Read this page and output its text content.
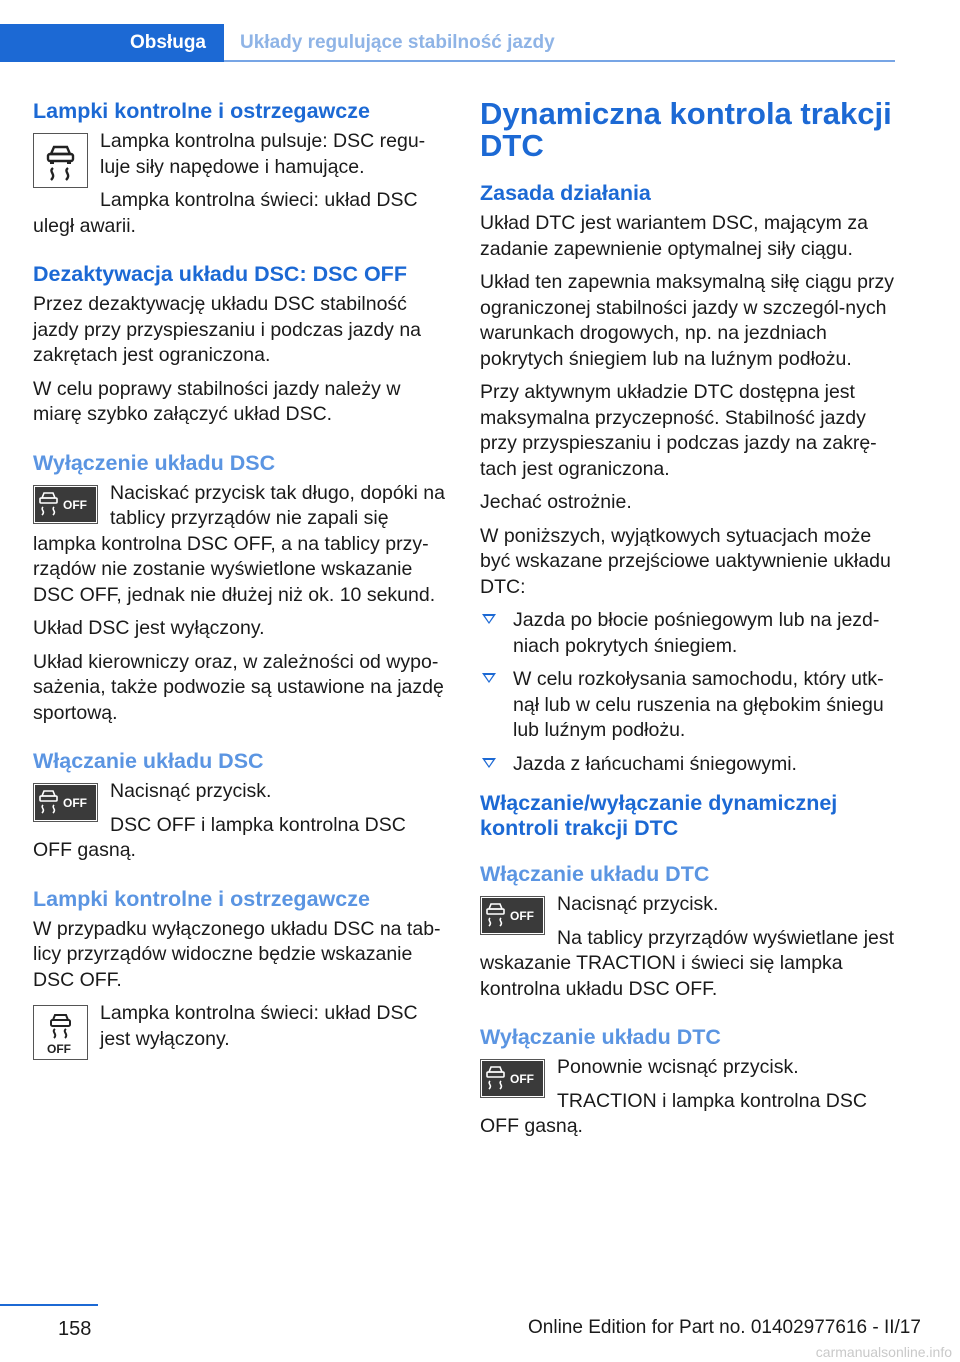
Obsługa	Układy regulujące stabilność jazdy
Lampki kontrolne i ostrzegawcze

Lampka kontrolna pulsuje: DSC regu‐luje siły napędowe i hamujące.

Lampka kontrolna świeci: układ DSC uległ awarii.

Dezaktywacja układu DSC: DSC OFF

Przez dezaktywację układu DSC stabilność jazdy przy przyspieszaniu i podczas jazdy na zakrętach jest ograniczona.

W celu poprawy stabilności jazdy należy w miarę szybko załączyć układ DSC.

Wyłączenie układu DSC
OFF

Naciskać przycisk tak długo, dopóki na tablicy przyrządów nie zapali się lampka kontrolna DSC OFF, a na tablicy przy‐rządów nie zostanie wyświetlone wskazanie DSC OFF, jednak nie dłużej niż ok. 10 sekund.

Układ DSC jest wyłączony.

Układ kierowniczy oraz, w zależności od wypo‐sażenia, także podwozie są ustawione na jazdę sportową.

Włączanie układu DSC
OFF

Nacisnąć przycisk.

DSC OFF i lampka kontrolna DSC OFF gasną.

Lampki kontrolne i ostrzegawcze

W przypadku wyłączonego układu DSC na tab‐licy przyrządów widoczne będzie wskazanie DSC OFF.

OFF

Lampka kontrolna świeci: układ DSC jest wyłączony.

Dynamiczna kontrola trakcji DTC
Zasada działania

Układ DTC jest wariantem DSC, mającym za zadanie zapewnienie optymalnej siły ciągu.

Układ ten zapewnia maksymalną siłę ciągu przy ograniczonej stabilności jazdy w szczegól‐nych warunkach drogowych, np. na jezdniach pokrytych śniegiem lub na luźnym podłożu.

Przy aktywnym układzie DTC dostępna jest maksymalna przyczepność. Stabilność jazdy przy przyspieszaniu i podczas jazdy na zakrę‐tach jest ograniczona.

Jechać ostrożnie.

W poniższych, wyjątkowych sytuacjach może być wskazane przejściowe uaktywnienie układu DTC:

Jazda po błocie pośniegowym lub na jezd‐niach pokrytych śniegiem.
W celu rozkołysania samochodu, który utk‐nął lub w celu ruszenia na głębokim śniegu lub luźnym podłożu.
Jazda z łańcuchami śniegowymi.
Włączanie/wyłączanie dynamicznej kontroli trakcji DTC
Włączanie układu DTC
OFF

Nacisnąć przycisk.

Na tablicy przyrządów wyświetlane jest wskazanie TRACTION i świeci się lampka kontrolna układu DSC OFF.

Wyłączanie układu DTC
OFF

Ponownie wcisnąć przycisk.

TRACTION i lampka kontrolna DSC OFF gasną.

158	Online Edition for Part no. 01402977616 - II/17
carmanualsonline.info
